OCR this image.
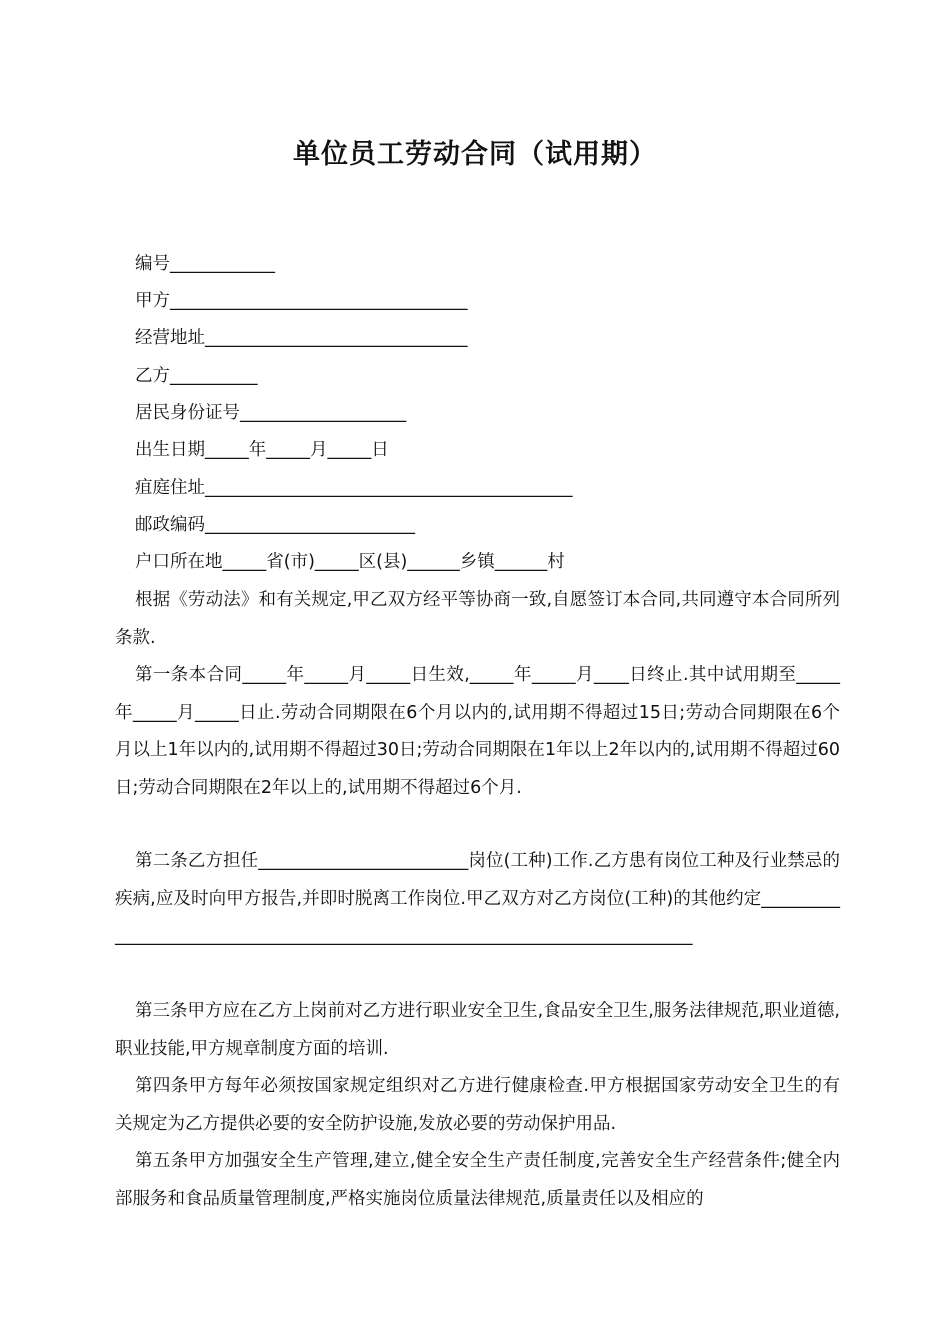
单位员工劳动合同（试用期）
编号____________
甲方__________________________________
经营地址______________________________
乙方__________
居民身份证号___________________
出生日期_____年_____月_____日
疽庭住址__________________________________________
邮政编码________________________
户口所在地_____省(市)_____区(县)______乡镇______村
根据《劳动法》和有关规定,甲乙双方经平等协商一致,自愿签订本合同,共同遵守本合同所列条款.
第一条本合同_____年_____月_____日生效,_____年_____月____日终止.其中试用期至_____年_____月_____日止.劳动合同期限在6个月以内的,试用期不得超过15日;劳动合同期限在6个月以上1年以内的,试用期不得超过30日;劳动合同期限在1年以上2年以内的,试用期不得超过60日;劳动合同期限在2年以上的,试用期不得超过6个月.
第二条乙方担任________________________岗位(工种)工作.乙方患有岗位工种及行业禁忌的疾病,应及时向甲方报告,并即时脱离工作岗位.甲乙双方对乙方岗位(工种)的其他约定___________________________________________________________________________
第三条甲方应在乙方上岗前对乙方进行职业安全卫生,食品安全卫生,服务法律规范,职业道德,职业技能,甲方规章制度方面的培训.
第四条甲方每年必须按国家规定组织对乙方进行健康检查.甲方根据国家劳动安全卫生的有关规定为乙方提供必要的安全防护设施,发放必要的劳动保护用品.
第五条甲方加强安全生产管理,建立,健全安全生产责任制度,完善安全生产经营条件;健全内部服务和食品质量管理制度,严格实施岗位质量法律规范,质量责任以及相应的
